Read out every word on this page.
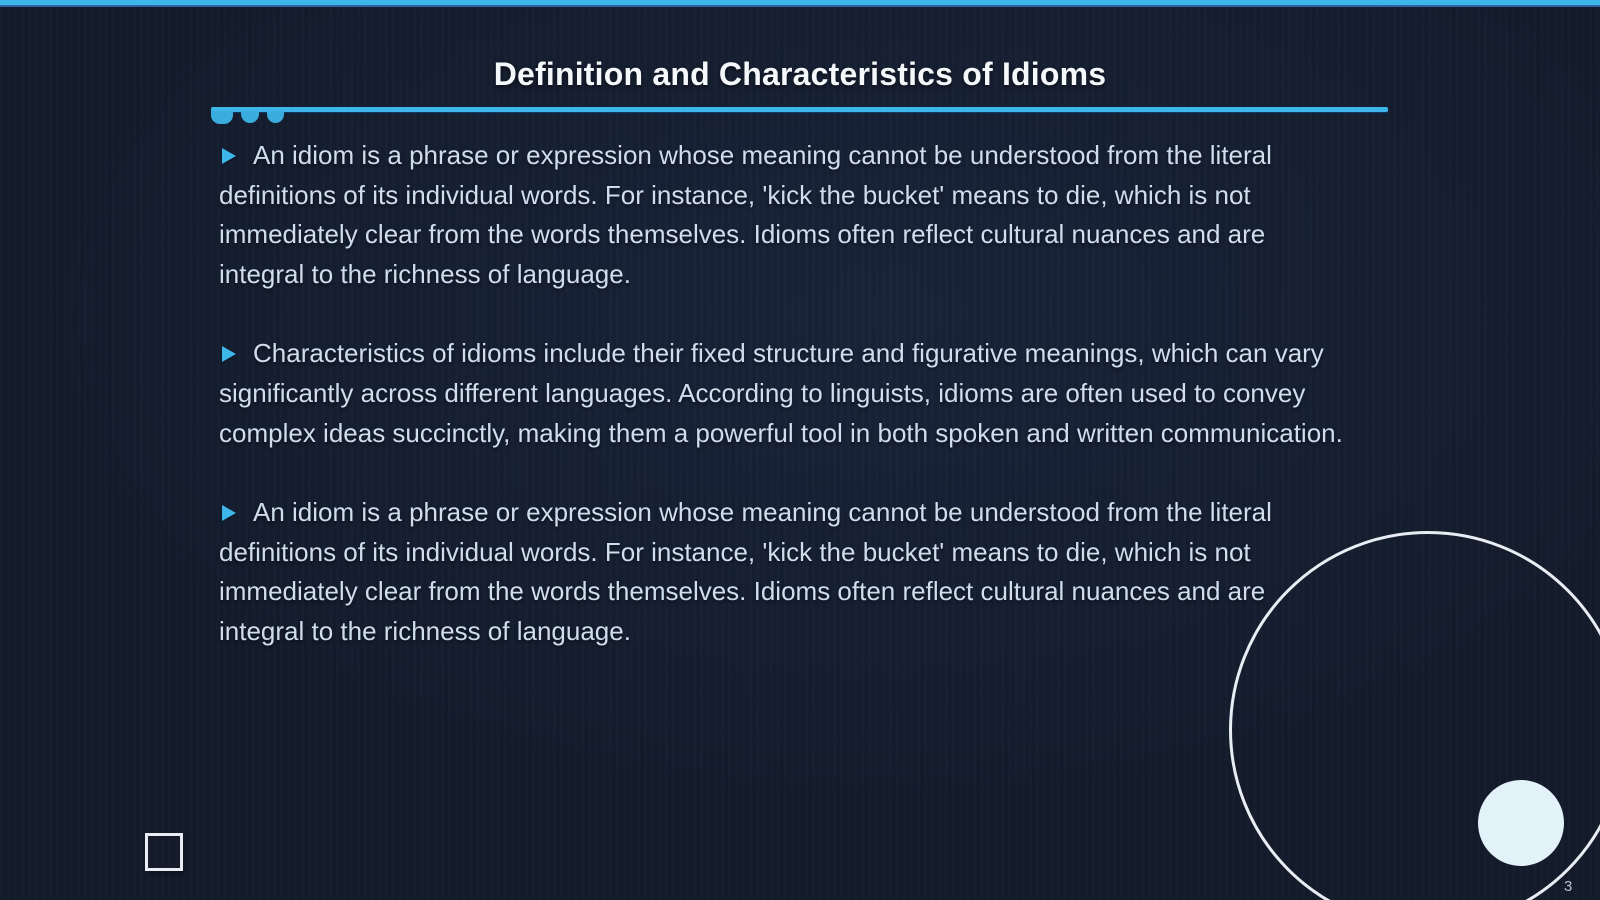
Definition and Characteristics of Idioms

An idiom is a phrase or expression whose meaning cannot be understood from the literal definitions of its individual words. For instance, 'kick the bucket' means to die, which is not immediately clear from the words themselves. Idioms often reflect cultural nuances and are integral to the richness of language.

Characteristics of idioms include their fixed structure and figurative meanings, which can vary significantly across different languages. According to linguists, idioms are often used to convey complex ideas succinctly, making them a powerful tool in both spoken and written communication.

An idiom is a phrase or expression whose meaning cannot be understood from the literal definitions of its individual words. For instance, 'kick the bucket' means to die, which is not immediately clear from the words themselves. Idioms often reflect cultural nuances and are integral to the richness of language.

3
